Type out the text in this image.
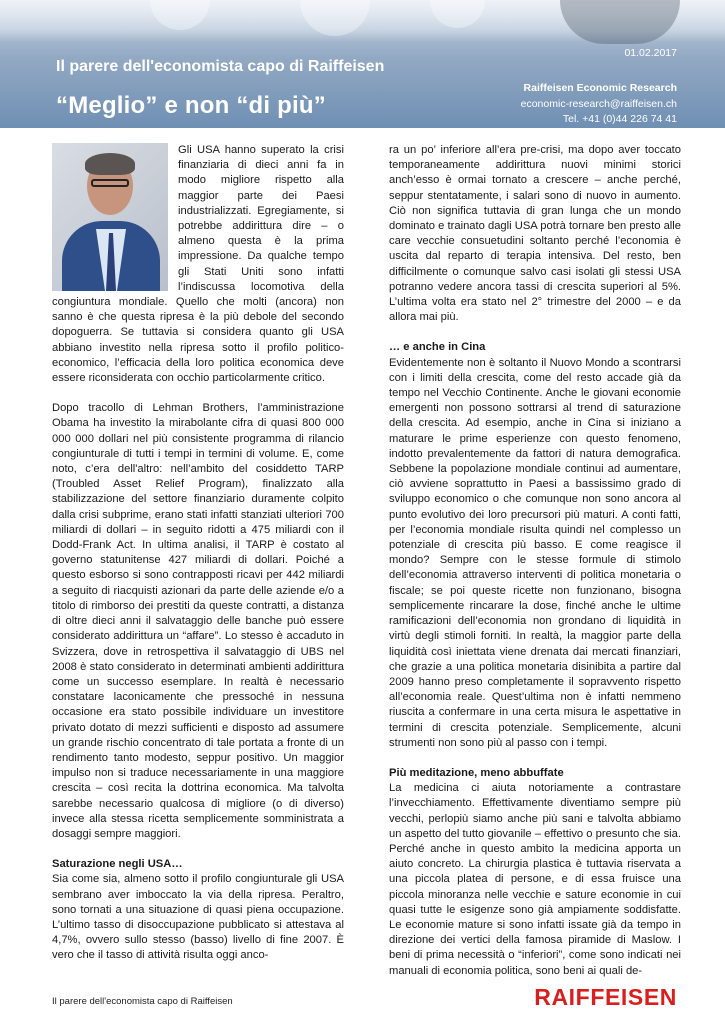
Il parere dell'economista capo di Raiffeisen
“Meglio” e non “di più”
01.02.2017
Raiffeisen Economic Research
economic-research@raiffeisen.ch
Tel. +41 (0)44 226 74 41

Gli USA hanno superato la crisi finanziaria di dieci anni fa in modo migliore rispetto alla maggior parte dei Paesi industrializzati. Egregiamente, si potrebbe addirittura dire – o almeno questa è la prima impressione. Da qualche tempo gli Stati Uniti sono infatti l’indiscussa locomotiva della congiuntura mondiale. Quello che molti (ancora) non sanno è che questa ripresa è la più debole del secondo dopoguerra. Se tuttavia si considera quanto gli USA abbiano investito nella ripresa sotto il profilo politico-economico, l’efficacia della loro politica economica deve essere riconsiderata con occhio particolarmente critico.

Dopo tracollo di Lehman Brothers, l’amministrazione Obama ha investito la mirabolante cifra di quasi 800 000 000 000 dollari nel più consistente programma di rilancio congiunturale di tutti i tempi in termini di volume. E, come noto, c’era dell'altro: nell’ambito del cosiddetto TARP (Troubled Asset Relief Program), finalizzato alla stabilizzazione del settore finanziario duramente colpito dalla crisi subprime, erano stati infatti stanziati ulteriori 700 miliardi di dollari – in seguito ridotti a 475 miliardi con il Dodd-Frank Act. In ultima analisi, il TARP è costato al governo statunitense 427 miliardi di dollari. Poiché a questo esborso si sono contrapposti ricavi per 442 miliardi a seguito di riacquisti azionari da parte delle aziende e/o a titolo di rimborso dei prestiti da queste contratti, a distanza di oltre dieci anni il salvataggio delle banche può essere considerato addirittura un “affare”. Lo stesso è accaduto in Svizzera, dove in retrospettiva il salvataggio di UBS nel 2008 è stato considerato in determinati ambienti addirittura come un successo esemplare. In realtà è necessario constatare laconicamente che pressoché in nessuna occasione era stato possibile individuare un investitore privato dotato di mezzi sufficienti e disposto ad assumere un grande rischio concentrato di tale portata a fronte di un rendimento tanto modesto, seppur positivo. Un maggior impulso non si traduce necessariamente in una maggiore crescita – così recita la dottrina economica. Ma talvolta sarebbe necessario qualcosa di migliore (o di diverso) invece alla stessa ricetta semplicemente somministrata a dosaggi sempre maggiori.

Saturazione negli USA…

Sia come sia, almeno sotto il profilo congiunturale gli USA sembrano aver imboccato la via della ripresa. Peraltro, sono tornati a una situazione di quasi piena occupazione. L’ultimo tasso di disoccupazione pubblicato si attestava al 4,7%, ovvero sullo stesso (basso) livello di fine 2007. È vero che il tasso di attività risulta oggi anco-

ra un po’ inferiore all’era pre-crisi, ma dopo aver toccato temporaneamente addirittura nuovi minimi storici anch’esso è ormai tornato a crescere – anche perché, seppur stentatamente, i salari sono di nuovo in aumento. Ciò non significa tuttavia di gran lunga che un mondo dominato e trainato dagli USA potrà tornare ben presto alle care vecchie consuetudini soltanto perché l’economia è uscita dal reparto di terapia intensiva. Del resto, ben difficilmente o comunque salvo casi isolati gli stessi USA potranno vedere ancora tassi di crescita superiori al 5%. L’ultima volta era stato nel 2° trimestre del 2000 – e da allora mai più.

… e anche in Cina

Evidentemente non è soltanto il Nuovo Mondo a scontrarsi con i limiti della crescita, come del resto accade già da tempo nel Vecchio Continente. Anche le giovani economie emergenti non possono sottrarsi al trend di saturazione della crescita. Ad esempio, anche in Cina si iniziano a maturare le prime esperienze con questo fenomeno, indotto prevalentemente da fattori di natura demografica. Sebbene la popolazione mondiale continui ad aumentare, ciò avviene soprattutto in Paesi a bassissimo grado di sviluppo economico o che comunque non sono ancora al punto evolutivo dei loro precursori più maturi. A conti fatti, per l’economia mondiale risulta quindi nel complesso un potenziale di crescita più basso. E come reagisce il mondo? Sempre con le stesse formule di stimolo dell’economia attraverso interventi di politica monetaria o fiscale; se poi queste ricette non funzionano, bisogna semplicemente rincarare la dose, finché anche le ultime ramificazioni dell’economia non grondano di liquidità in virtù degli stimoli forniti. In realtà, la maggior parte della liquidità così iniettata viene drenata dai mercati finanziari, che grazie a una politica monetaria disinibita a partire dal 2009 hanno preso completamente il sopravvento rispetto all’economia reale. Quest’ultima non è infatti nemmeno riuscita a confermare in una certa misura le aspettative in termini di crescita potenziale. Semplicemente, alcuni strumenti non sono più al passo con i tempi.

Più meditazione, meno abbuffate

La medicina ci aiuta notoriamente a contrastare l’invecchiamento. Effettivamente diventiamo sempre più vecchi, perlopiù siamo anche più sani e talvolta abbiamo un aspetto del tutto giovanile – effettivo o presunto che sia. Perché anche in questo ambito la medicina apporta un aiuto concreto. La chirurgia plastica è tuttavia riservata a una piccola platea di persone, e di essa fruisce una piccola minoranza nelle vecchie e sature economie in cui quasi tutte le esigenze sono già ampiamente soddisfatte. Le economie mature si sono infatti issate già da tempo in direzione dei vertici della famosa piramide di Maslow. I beni di prima necessità o “inferiori”, come sono indicati nei manuali di economia politica, sono beni ai quali de-

Il parere dell'economista capo di Raiffeisen	RAIFFEISEN
